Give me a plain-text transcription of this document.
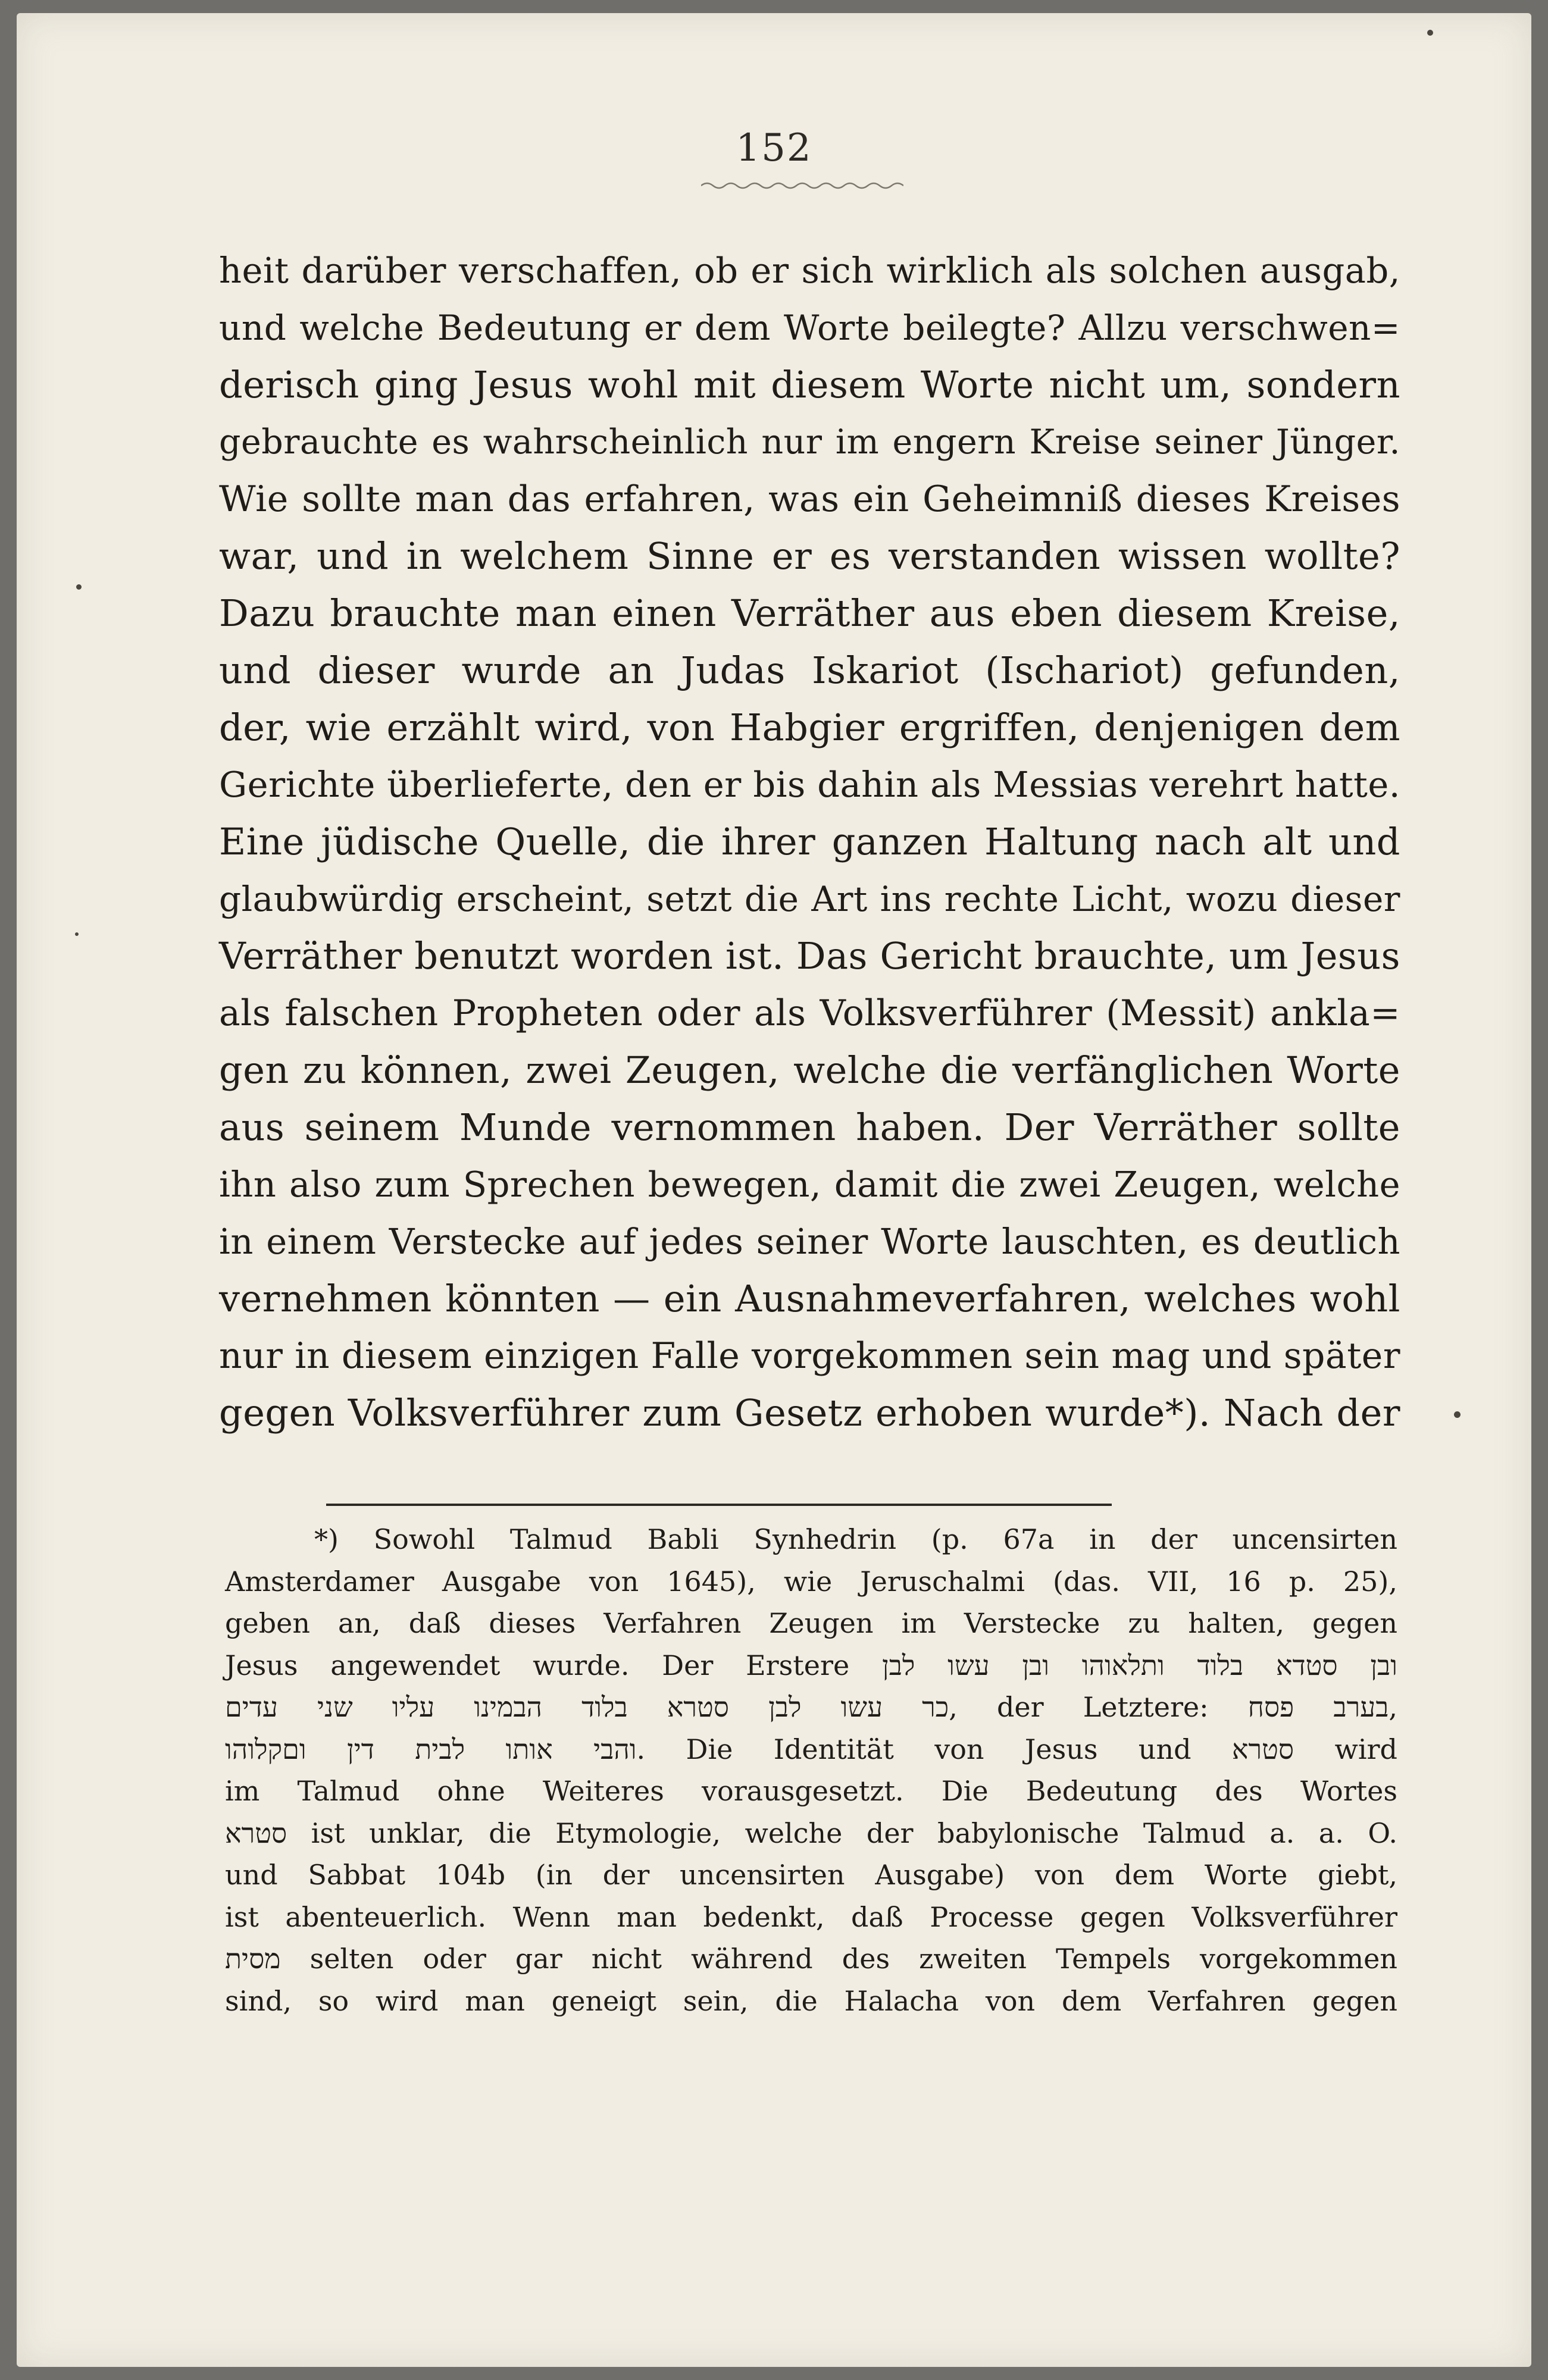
152
heit darüber verschaffen, ob er sich wirklich als solchen ausgab,
und welche Bedeutung er dem Worte beilegte? Allzu verschwen=
derisch ging Jesus wohl mit diesem Worte nicht um, sondern
gebrauchte es wahrscheinlich nur im engern Kreise seiner Jünger.
Wie sollte man das erfahren, was ein Geheimniß dieses Kreises
war, und in welchem Sinne er es verstanden wissen wollte?
Dazu brauchte man einen Verräther aus eben diesem Kreise,
und dieser wurde an Judas Iskariot (Ischariot) gefunden,
der, wie erzählt wird, von Habgier ergriffen, denjenigen dem
Gerichte überlieferte, den er bis dahin als Messias verehrt hatte.
Eine jüdische Quelle, die ihrer ganzen Haltung nach alt und
glaubwürdig erscheint, setzt die Art ins rechte Licht, wozu dieser
Verräther benutzt worden ist. Das Gericht brauchte, um Jesus
als falschen Propheten oder als Volksverführer (Messit) ankla=
gen zu können, zwei Zeugen, welche die verfänglichen Worte
aus seinem Munde vernommen haben. Der Verräther sollte
ihn also zum Sprechen bewegen, damit die zwei Zeugen, welche
in einem Verstecke auf jedes seiner Worte lauschten, es deutlich
vernehmen könnten — ein Ausnahmeverfahren, welches wohl
nur in diesem einzigen Falle vorgekommen sein mag und später
gegen Volksverführer zum Gesetz erhoben wurde*). Nach der
*) Sowohl Talmud Babli Synhedrin (p. 67a in der uncensirten
Amsterdamer Ausgabe von 1645), wie Jeruschalmi (das. VII, 16 p. 25),
geben an, daß dieses Verfahren Zeugen im Verstecke zu halten, gegen
Jesus angewendet wurde. Der Erstere ובן סטדא בלוד ותלאוהו ובן עשו לבן
כר עשו לבן סטרא בלוד הבמינו עליו שני עדים, der Letztere: בערב פסח,
והבי אותו לבית דין וםקלוהו. Die Identität von Jesus und סטרא wird
im Talmud ohne Weiteres vorausgesetzt. Die Bedeutung des Wortes
סטרא ist unklar, die Etymologie, welche der babylonische Talmud a. a. O.
und Sabbat 104b (in der uncensirten Ausgabe) von dem Worte giebt,
ist abenteuerlich. Wenn man bedenkt, daß Processe gegen Volksverführer
מסית selten oder gar nicht während des zweiten Tempels vorgekommen
sind, so wird man geneigt sein, die Halacha von dem Verfahren gegen
